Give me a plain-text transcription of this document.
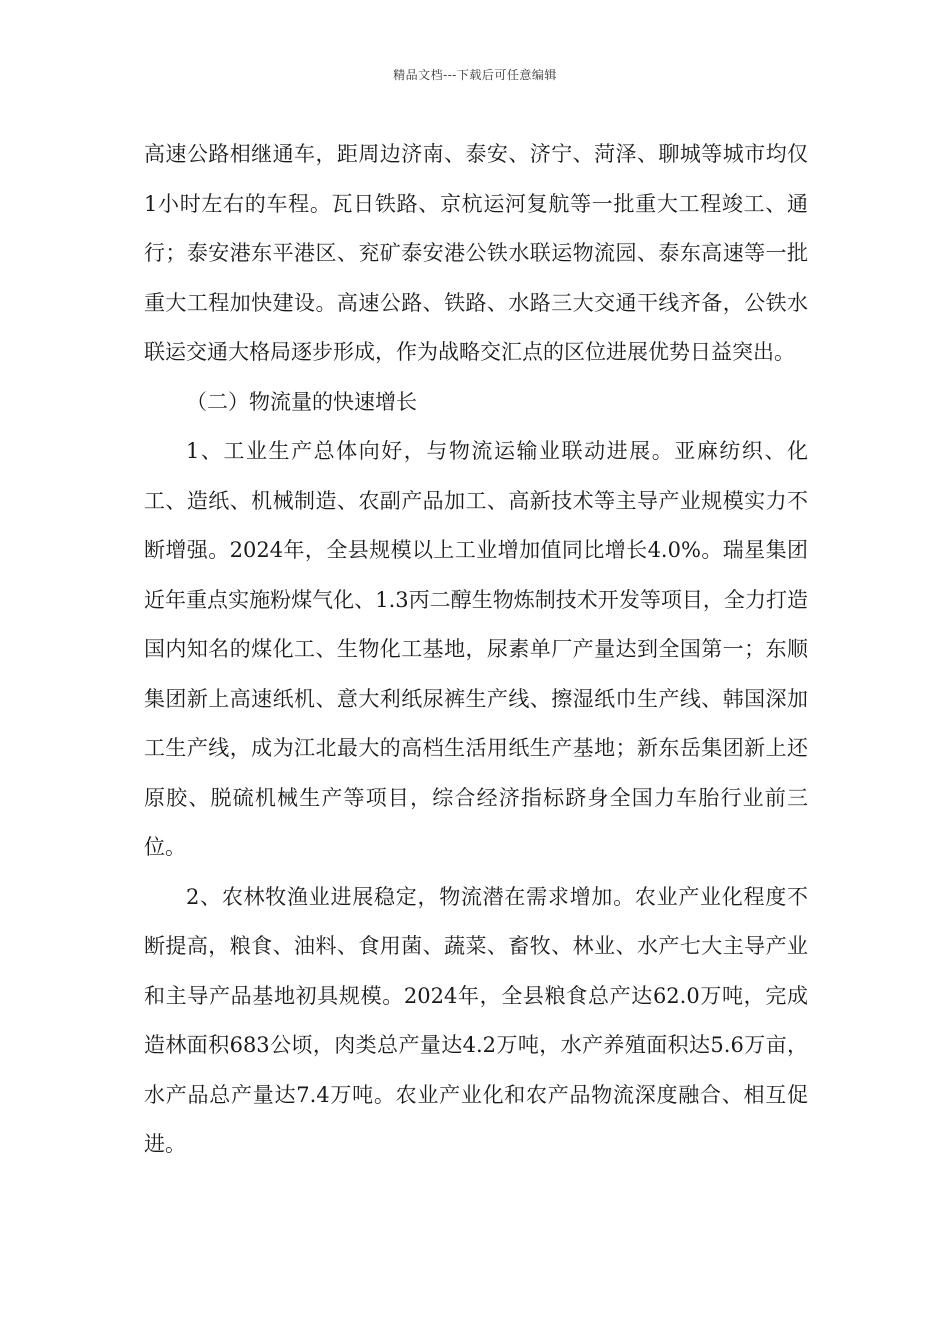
精品文档---下载后可任意编辑

高速公路相继通车，距周边济南、泰安、济宁、菏泽、聊城等城市均仅1小时左右的车程。瓦日铁路、京杭运河复航等一批重大工程竣工、通行；泰安港东平港区、兖矿泰安港公铁水联运物流园、泰东高速等一批重大工程加快建设。高速公路、铁路、水路三大交通干线齐备，公铁水联运交通大格局逐步形成，作为战略交汇点的区位进展优势日益突出。

（二）物流量的快速增长

1、工业生产总体向好，与物流运输业联动进展。亚麻纺织、化工、造纸、机械制造、农副产品加工、高新技术等主导产业规模实力不断增强。2024年，全县规模以上工业增加值同比增长4.0%。瑞星集团近年重点实施粉煤气化、1.3丙二醇生物炼制技术开发等项目，全力打造国内知名的煤化工、生物化工基地，尿素单厂产量达到全国第一；东顺集团新上高速纸机、意大利纸尿裤生产线、擦湿纸巾生产线、韩国深加工生产线，成为江北最大的高档生活用纸生产基地；新东岳集团新上还原胶、脱硫机械生产等项目，综合经济指标跻身全国力车胎行业前三位。

2、农林牧渔业进展稳定，物流潜在需求增加。农业产业化程度不断提高，粮食、油料、食用菌、蔬菜、畜牧、林业、水产七大主导产业和主导产品基地初具规模。2024年，全县粮食总产达62.0万吨，完成造林面积683公顷，肉类总产量达4.2万吨，水产养殖面积达5.6万亩，水产品总产量达7.4万吨。农业产业化和农产品物流深度融合、相互促进。
